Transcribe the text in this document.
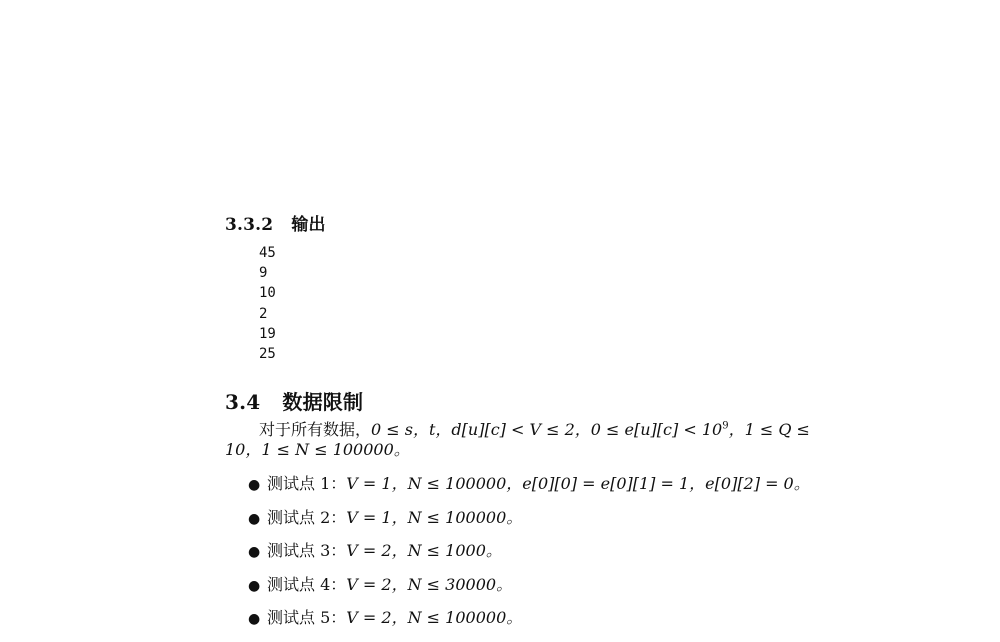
3.3.2 输出
45
9
10
2
19
25
3.4 数据限制
对于所有数据，0 ≤ s，t，d[u][c] < V ≤ 2，$0 \le e[u][c] < 10^9$，1 ≤ Q ≤
10，1 ≤ N ≤ 100000。
● 测试点 1：V = 1，N ≤ 100000，e[0][0] = e[0][1] = 1，e[0][2] = 0。
● 测试点 2：V = 1，N ≤ 100000。
● 测试点 3：V = 2，N ≤ 1000。
● 测试点 4：V = 2，N ≤ 30000。
● 测试点 5：V = 2，N ≤ 100000。
